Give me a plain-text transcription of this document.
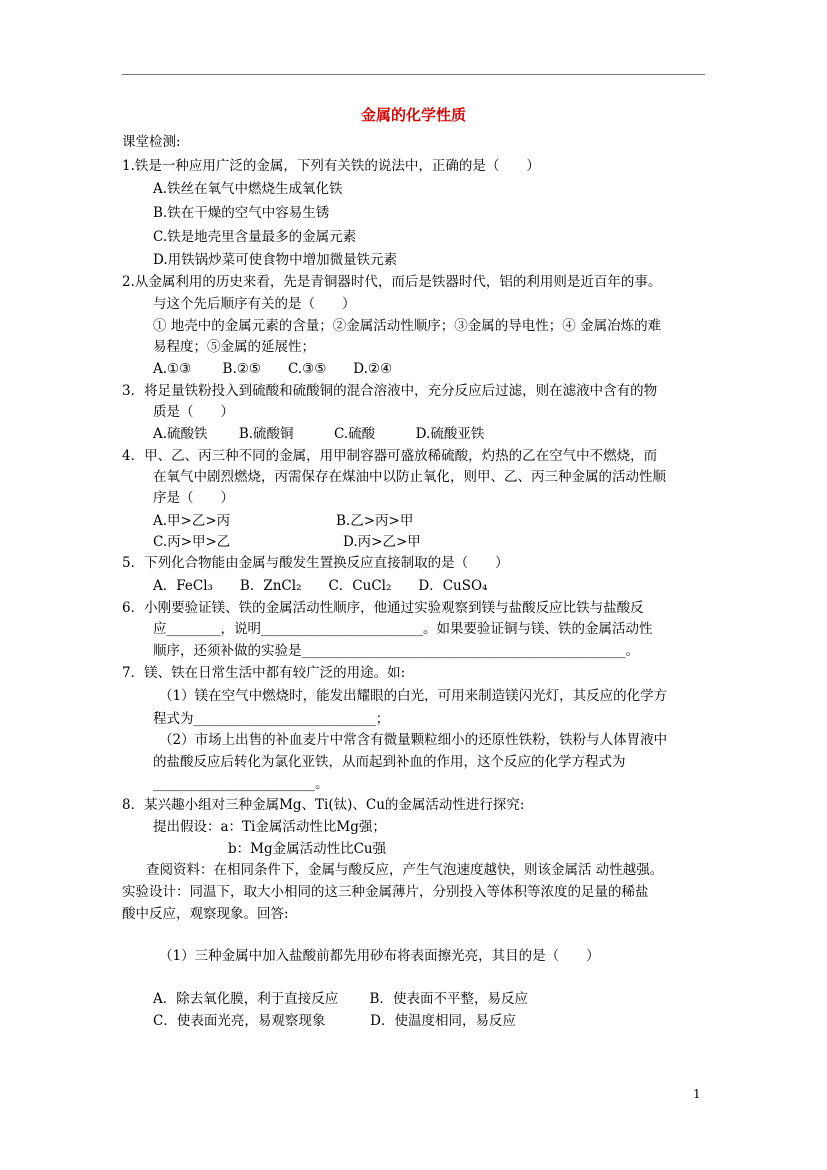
金属的化学性质
课堂检测:
1.铁是一种应用广泛的金属，下列有关铁的说法中，正确的是（　　）
A.铁丝在氧气中燃烧生成氧化铁
B.铁在干燥的空气中容易生锈
C.铁是地壳里含量最多的金属元素
D.用铁锅炒菜可使食物中增加微量铁元素
2.从金属利用的历史来看，先是青铜器时代，而后是铁器时代，铝的利用则是近百年的事。
与这个先后顺序有关的是（　　）
① 地壳中的金属元素的含量；②金属活动性顺序；③金属的导电性；④ 金属冶炼的难
易程度；⑤金属的延展性；
A.①③　　 B.②⑤　　C.③⑤　　D.②④
3．将足量铁粉投入到硫酸和硫酸铜的混合溶液中，充分反应后过滤，则在滤液中含有的物
质是（　　）
A.硫酸铁　　 B.硫酸铜　　　C.硫酸　　　D.硫酸亚铁
4．甲、乙、丙三种不同的金属，用甲制容器可盛放稀硫酸，灼热的乙在空气中不燃烧，而
在氧气中剧烈燃烧，丙需保存在煤油中以防止氧化，则甲、乙、丙三种金属的活动性顺
序是（　　）
A.甲>乙>丙	B.乙>丙>甲
C.丙>甲>乙	D.丙>乙>甲
5．下列化合物能由金属与酸发生置换反应直接制取的是（　　）
A．FeCl₃　　B．ZnCl₂　　C．CuCl₂　　D．CuSO₄
6．小刚要验证镁、铁的金属活动性顺序，他通过实验观察到镁与盐酸反应比铁与盐酸反
应________，说明________________________。如果要验证铜与镁、铁的金属活动性
顺序，还须补做的实验是________________________________________________。
7．镁、铁在日常生活中都有较广泛的用途。如:
（1）镁在空气中燃烧时，能发出耀眼的白光，可用来制造镁闪光灯，其反应的化学方
程式为___________________________；
（2）市场上出售的补血麦片中常含有微量颗粒细小的还原性铁粉，铁粉与人体胃液中
的盐酸反应后转化为氯化亚铁，从而起到补血的作用，这个反应的化学方程式为
________________________。
8．某兴趣小组对三种金属Mg、Ti(钛)、Cu的金属活动性进行探究:
提出假设：a：Ti金属活动性比Mg强；
b：Mg金属活动性比Cu强
查阅资料：在相同条件下，金属与酸反应，产生气泡速度越快，则该金属活 动性越强。
实验设计：同温下，取大小相同的这三种金属薄片，分别投入等体积等浓度的足量的稀盐
酸中反应，观察现象。回答:
（1）三种金属中加入盐酸前都先用砂布将表面擦光亮，其目的是（　　）
A．除去氧化膜，利于直接反应　　 B．使表面不平整，易反应
C．使表面光亮，易观察现象　　　 D．使温度相同，易反应
1
